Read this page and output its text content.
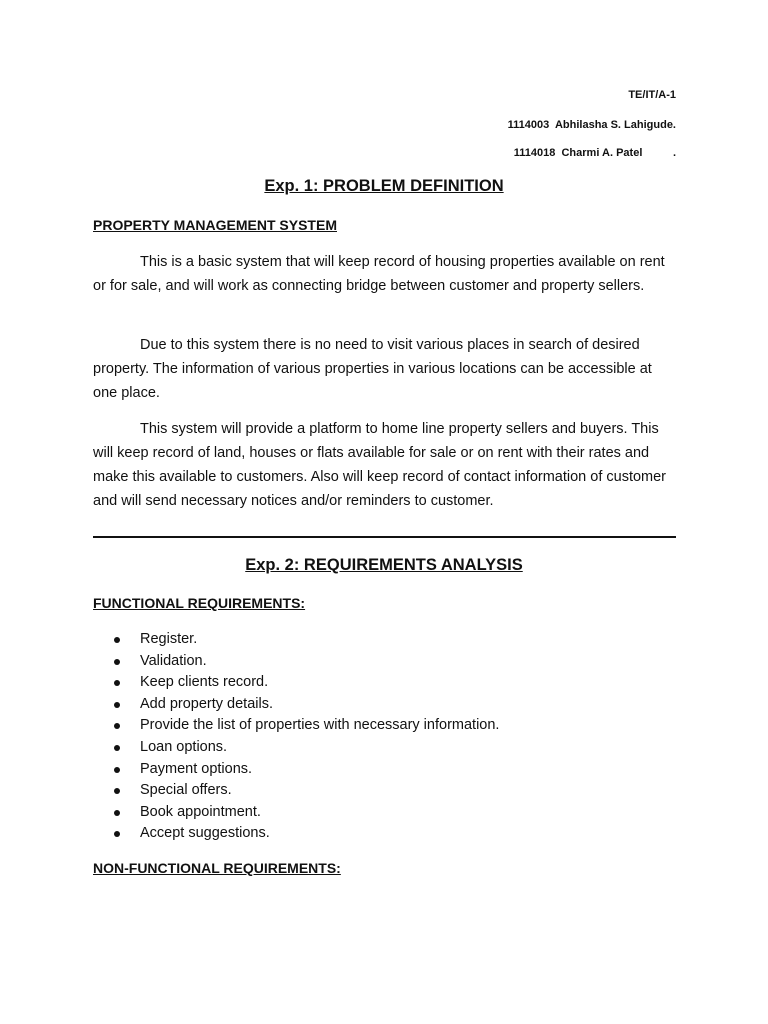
TE/IT/A-1
1114003  Abhilasha S. Lahigude.
1114018  Charmi A. Patel          .
Exp. 1: PROBLEM DEFINITION
PROPERTY MANAGEMENT SYSTEM

This is a basic system that will keep record of housing properties available on rent or for sale, and will work as connecting bridge between customer and property sellers.

Due to this system there is no need to visit various places in search of desired property. The information of various properties in various locations can be accessible at one place.

This system will provide a platform to home line property sellers and buyers. This will keep record of land, houses or flats available for sale or on rent with their rates and make this available to customers. Also will keep record of contact information of customer and will send necessary notices and/or reminders to customer.

Exp. 2: REQUIREMENTS ANALYSIS
FUNCTIONAL REQUIREMENTS:
Register.
Validation.
Keep clients record.
Add property details.
Provide the list of properties with necessary information.
Loan options.
Payment options.
Special offers.
Book appointment.
Accept suggestions.
NON-FUNCTIONAL REQUIREMENTS:
